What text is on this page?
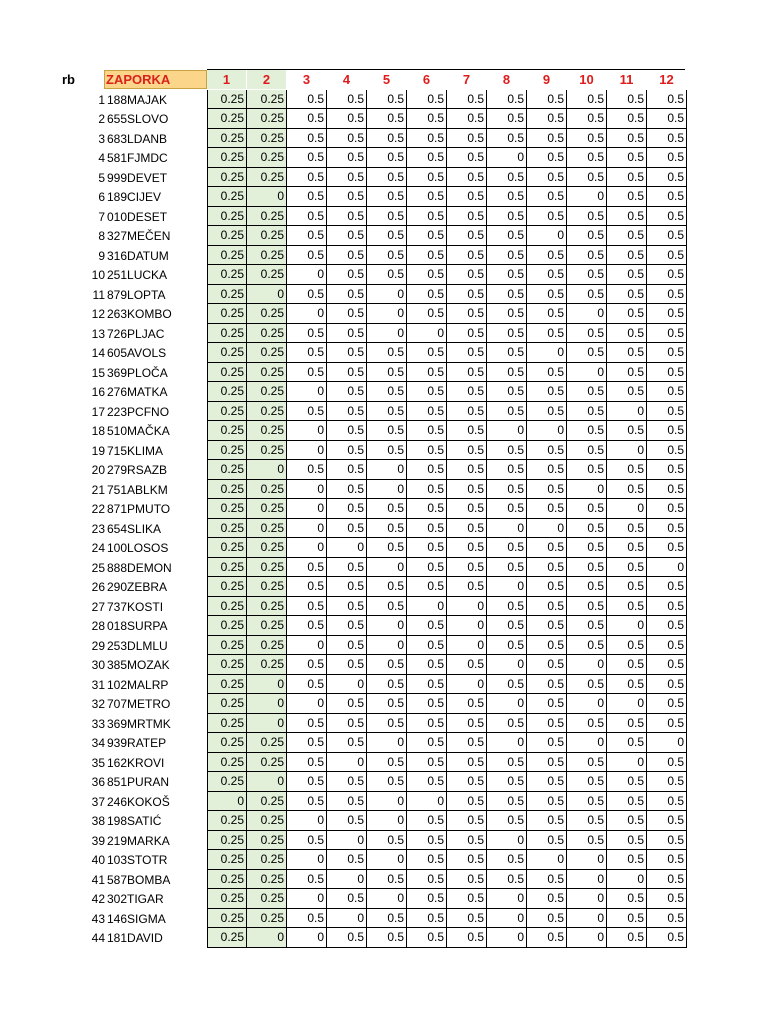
rb	ZAPORKA	1	2	3	4	5	6	7	8	9	10	11	12
1 188MAJAK	0.25	0.25	0.5	0.5	0.5	0.5	0.5	0.5	0.5	0.5	0.5	0.5
2 655SLOVO	0.25	0.25	0.5	0.5	0.5	0.5	0.5	0.5	0.5	0.5	0.5	0.5
3 683LDANB	0.25	0.25	0.5	0.5	0.5	0.5	0.5	0.5	0.5	0.5	0.5	0.5
4 581FJMDC	0.25	0.25	0.5	0.5	0.5	0.5	0.5	0	0.5	0.5	0.5	0.5
5 999DEVET	0.25	0.25	0.5	0.5	0.5	0.5	0.5	0.5	0.5	0.5	0.5	0.5
6 189CIJEV	0.25	0	0.5	0.5	0.5	0.5	0.5	0.5	0.5	0	0.5	0.5
7 010DESET	0.25	0.25	0.5	0.5	0.5	0.5	0.5	0.5	0.5	0.5	0.5	0.5
8 327MEČEN	0.25	0.25	0.5	0.5	0.5	0.5	0.5	0.5	0	0.5	0.5	0.5
9 316DATUM	0.25	0.25	0.5	0.5	0.5	0.5	0.5	0.5	0.5	0.5	0.5	0.5
10 251LUCKA	0.25	0.25	0	0.5	0.5	0.5	0.5	0.5	0.5	0.5	0.5	0.5
11 879LOPTA	0.25	0	0.5	0.5	0	0.5	0.5	0.5	0.5	0.5	0.5	0.5
12 263KOMBO	0.25	0.25	0	0.5	0	0.5	0.5	0.5	0.5	0	0.5	0.5
13 726PLJAC	0.25	0.25	0.5	0.5	0	0	0.5	0.5	0.5	0.5	0.5	0.5
14 605AVOLS	0.25	0.25	0.5	0.5	0.5	0.5	0.5	0.5	0	0.5	0.5	0.5
15 369PLOČA	0.25	0.25	0.5	0.5	0.5	0.5	0.5	0.5	0.5	0	0.5	0.5
16 276MATKA	0.25	0.25	0	0.5	0.5	0.5	0.5	0.5	0.5	0.5	0.5	0.5
17 223PCFNO	0.25	0.25	0.5	0.5	0.5	0.5	0.5	0.5	0.5	0.5	0	0.5
18 510MAČKA	0.25	0.25	0	0.5	0.5	0.5	0.5	0	0	0.5	0.5	0.5
19 715KLIMA	0.25	0.25	0	0.5	0.5	0.5	0.5	0.5	0.5	0.5	0	0.5
20 279RSAZB	0.25	0	0.5	0.5	0	0.5	0.5	0.5	0.5	0.5	0.5	0.5
21 751ABLKM	0.25	0.25	0	0.5	0	0.5	0.5	0.5	0.5	0	0.5	0.5
22 871PMUTO	0.25	0.25	0	0.5	0.5	0.5	0.5	0.5	0.5	0.5	0	0.5
23 654SLIKA	0.25	0.25	0	0.5	0.5	0.5	0.5	0	0	0.5	0.5	0.5
24 100LOSOS	0.25	0.25	0	0	0.5	0.5	0.5	0.5	0.5	0.5	0.5	0.5
25 888DEMON	0.25	0.25	0.5	0.5	0	0.5	0.5	0.5	0.5	0.5	0.5	0
26 290ZEBRA	0.25	0.25	0.5	0.5	0.5	0.5	0.5	0	0.5	0.5	0.5	0.5
27 737KOSTI	0.25	0.25	0.5	0.5	0.5	0	0	0.5	0.5	0.5	0.5	0.5
28 018SURPA	0.25	0.25	0.5	0.5	0	0.5	0	0.5	0.5	0.5	0	0.5
29 253DLMLU	0.25	0.25	0	0.5	0	0.5	0	0.5	0.5	0.5	0.5	0.5
30 385MOZAK	0.25	0.25	0.5	0.5	0.5	0.5	0.5	0	0.5	0	0.5	0.5
31 102MALRP	0.25	0	0.5	0	0.5	0.5	0	0.5	0.5	0.5	0.5	0.5
32 707METRO	0.25	0	0	0.5	0.5	0.5	0.5	0	0.5	0	0	0.5
33 369MRTMK	0.25	0	0.5	0.5	0.5	0.5	0.5	0.5	0.5	0.5	0.5	0.5
34 939RATEP	0.25	0.25	0.5	0.5	0	0.5	0.5	0	0.5	0	0.5	0
35 162KROVI	0.25	0.25	0.5	0	0.5	0.5	0.5	0.5	0.5	0.5	0	0.5
36 851PURAN	0.25	0	0.5	0.5	0.5	0.5	0.5	0.5	0.5	0.5	0.5	0.5
37 246KOKOŠ	0	0.25	0.5	0.5	0	0	0.5	0.5	0.5	0.5	0.5	0.5
38 198SATIĆ	0.25	0.25	0	0.5	0	0.5	0.5	0.5	0.5	0.5	0.5	0.5
39 219MARKA	0.25	0.25	0.5	0	0.5	0.5	0.5	0	0.5	0.5	0.5	0.5
40 103STOTR	0.25	0.25	0	0.5	0	0.5	0.5	0.5	0	0	0.5	0.5
41 587BOMBA	0.25	0.25	0.5	0	0.5	0.5	0.5	0.5	0.5	0	0	0.5
42 302TIGAR	0.25	0.25	0	0.5	0	0.5	0.5	0	0.5	0	0.5	0.5
43 146SIGMA	0.25	0.25	0.5	0	0.5	0.5	0.5	0	0.5	0	0.5	0.5
44 181DAVID	0.25	0	0	0.5	0.5	0.5	0.5	0	0.5	0	0.5	0.5
